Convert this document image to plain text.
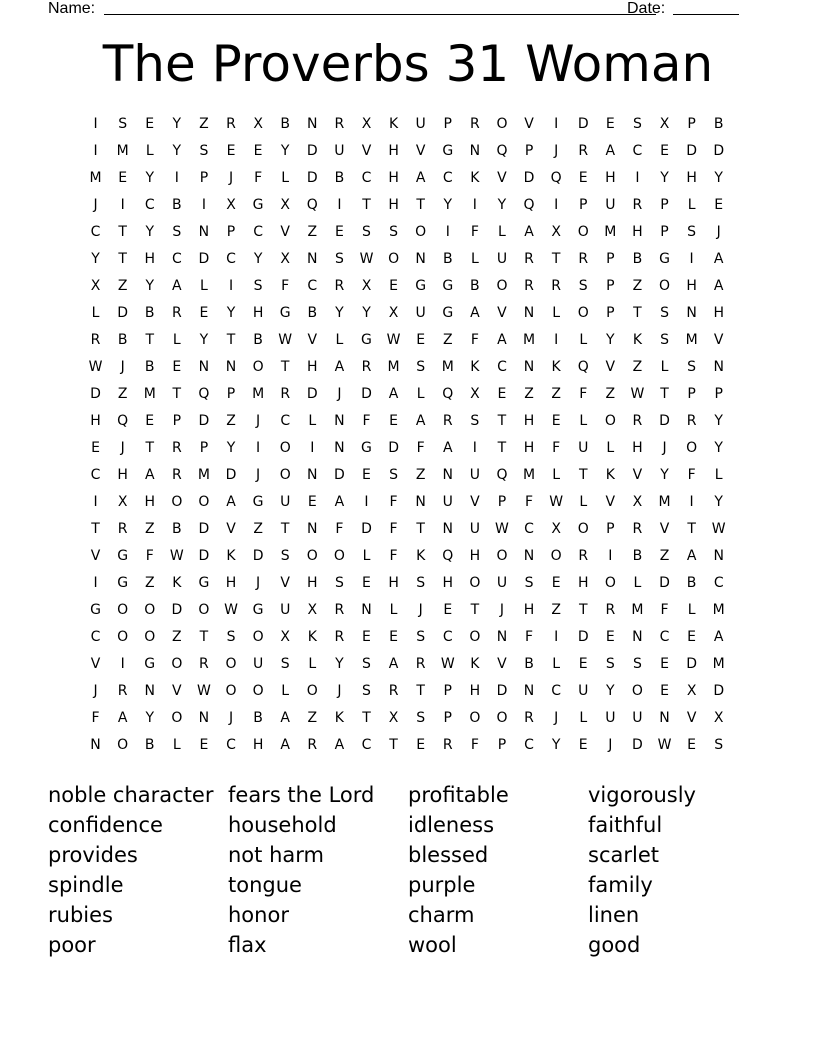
Name:	Date:
The Proverbs 31 Woman
I	S	E	Y	Z	R	X	B	N	R	X	K	U	P	R	O	V	I	D	E	S	X	P	B
I	M	L	Y	S	E	E	Y	D	U	V	H	V	G	N	Q	P	J	R	A	C	E	D	D
M	E	Y	I	P	J	F	L	D	B	C	H	A	C	K	V	D	Q	E	H	I	Y	H	Y
J	I	C	B	I	X	G	X	Q	I	T	H	T	Y	I	Y	Q	I	P	U	R	P	L	E
C	T	Y	S	N	P	C	V	Z	E	S	S	O	I	F	L	A	X	O	M	H	P	S	J
Y	T	H	C	D	C	Y	X	N	S	W	O	N	B	L	U	R	T	R	P	B	G	I	A
X	Z	Y	A	L	I	S	F	C	R	X	E	G	G	B	O	R	R	S	P	Z	O	H	A
L	D	B	R	E	Y	H	G	B	Y	Y	X	U	G	A	V	N	L	O	P	T	S	N	H
R	B	T	L	Y	T	B	W	V	L	G	W	E	Z	F	A	M	I	L	Y	K	S	M	V
W	J	B	E	N	N	O	T	H	A	R	M	S	M	K	C	N	K	Q	V	Z	L	S	N
D	Z	M	T	Q	P	M	R	D	J	D	A	L	Q	X	E	Z	Z	F	Z	W	T	P	P
H	Q	E	P	D	Z	J	C	L	N	F	E	A	R	S	T	H	E	L	O	R	D	R	Y
E	J	T	R	P	Y	I	O	I	N	G	D	F	A	I	T	H	F	U	L	H	J	O	Y
C	H	A	R	M	D	J	O	N	D	E	S	Z	N	U	Q	M	L	T	K	V	Y	F	L
I	X	H	O	O	A	G	U	E	A	I	F	N	U	V	P	F	W	L	V	X	M	I	Y
T	R	Z	B	D	V	Z	T	N	F	D	F	T	N	U	W	C	X	O	P	R	V	T	W
V	G	F	W	D	K	D	S	O	O	L	F	K	Q	H	O	N	O	R	I	B	Z	A	N
I	G	Z	K	G	H	J	V	H	S	E	H	S	H	O	U	S	E	H	O	L	D	B	C
G	O	O	D	O	W	G	U	X	R	N	L	J	E	T	J	H	Z	T	R	M	F	L	M
C	O	O	Z	T	S	O	X	K	R	E	E	S	C	O	N	F	I	D	E	N	C	E	A
V	I	G	O	R	O	U	S	L	Y	S	A	R	W	K	V	B	L	E	S	S	E	D	M
J	R	N	V	W	O	O	L	O	J	S	R	T	P	H	D	N	C	U	Y	O	E	X	D
F	A	Y	O	N	J	B	A	Z	K	T	X	S	P	O	O	R	J	L	U	U	N	V	X
N	O	B	L	E	C	H	A	R	A	C	T	E	R	F	P	C	Y	E	J	D	W	E	S
noble character
confidence
provides
spindle
rubies
poor
fears the Lord
household
not harm
tongue
honor
flax
profitable
idleness
blessed
purple
charm
wool
vigorously
faithful
scarlet
family
linen
good
